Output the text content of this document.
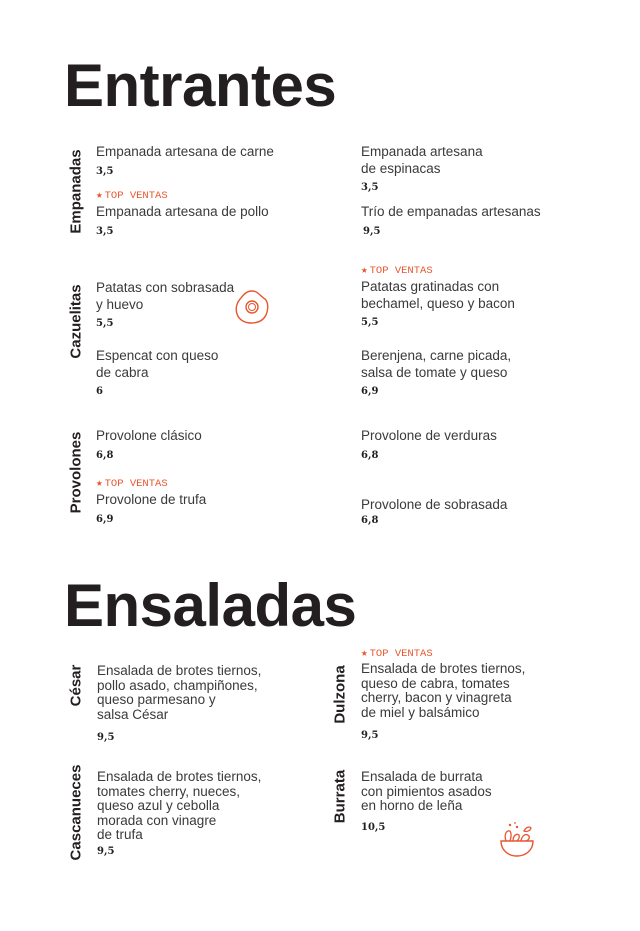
Entrantes
Ensaladas
Empanadas
Cazuelitas
Provolones
César
Cascanueces
Dulzona
Burrata
Empanada artesana de carne
3,5
★ TOP VENTAS
Empanada artesana de pollo
3,5
Empanada artesana
de espinacas
3,5
Trío de empanadas artesanas
9,5
Patatas con sobrasada
y huevo
5,5
Espencat con queso
de cabra
6
★ TOP VENTAS
Patatas gratinadas con
bechamel, queso y bacon
5,5
Berenjena, carne picada,
salsa de tomate y queso
6,9
Provolone clásico
6,8
★ TOP VENTAS
Provolone de trufa
6,9
Provolone de verduras
6,8
Provolone de sobrasada
6,8
Ensalada de brotes tiernos,
pollo asado, champiñones,
queso parmesano y
salsa César
9,5
Ensalada de brotes tiernos,
tomates cherry, nueces,
queso azul y cebolla
morada con vinagre
de trufa
9,5
★ TOP VENTAS
Ensalada de brotes tiernos,
queso de cabra, tomates
cherry, bacon y vinagreta
de miel y balsámico
9,5
Ensalada de burrata
con pimientos asados
en horno de leña
10,5
